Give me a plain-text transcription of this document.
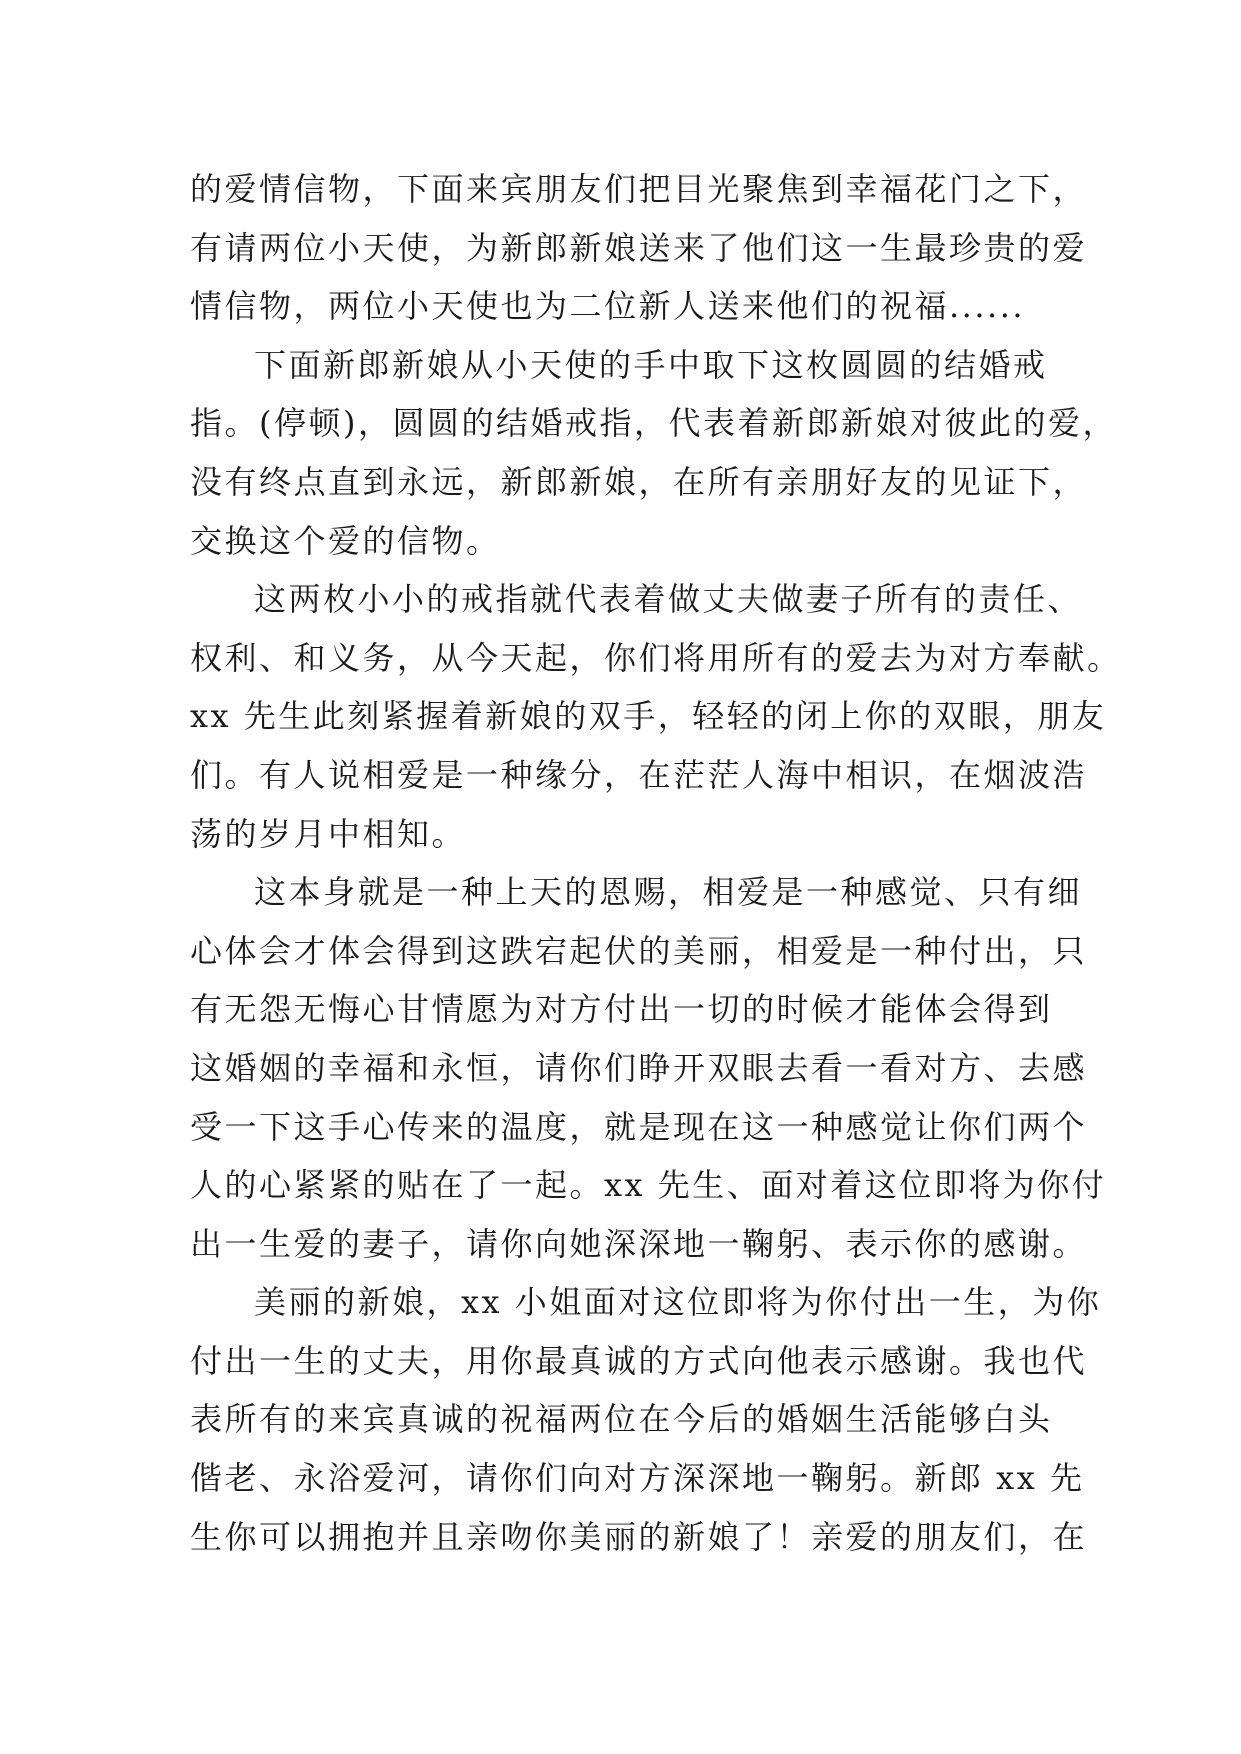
的爱情信物，下面来宾朋友们把目光聚焦到幸福花门之下，
有请两位小天使，为新郎新娘送来了他们这一生最珍贵的爱
情信物，两位小天使也为二位新人送来他们的祝福......
下面新郎新娘从小天使的手中取下这枚圆圆的结婚戒
指。(停顿)，圆圆的结婚戒指，代表着新郎新娘对彼此的爱，
没有终点直到永远，新郎新娘，在所有亲朋好友的见证下，
交换这个爱的信物。
这两枚小小的戒指就代表着做丈夫做妻子所有的责任、
权利、和义务，从今天起，你们将用所有的爱去为对方奉献。
xx 先生此刻紧握着新娘的双手，轻轻的闭上你的双眼，朋友
们。有人说相爱是一种缘分，在茫茫人海中相识，在烟波浩
荡的岁月中相知。
这本身就是一种上天的恩赐，相爱是一种感觉、只有细
心体会才体会得到这跌宕起伏的美丽，相爱是一种付出，只
有无怨无悔心甘情愿为对方付出一切的时候才能体会得到
这婚姻的幸福和永恒，请你们睁开双眼去看一看对方、去感
受一下这手心传来的温度，就是现在这一种感觉让你们两个
人的心紧紧的贴在了一起。xx 先生、面对着这位即将为你付
出一生爱的妻子，请你向她深深地一鞠躬、表示你的感谢。
美丽的新娘，xx 小姐面对这位即将为你付出一生，为你
付出一生的丈夫，用你最真诚的方式向他表示感谢。我也代
表所有的来宾真诚的祝福两位在今后的婚姻生活能够白头
偕老、永浴爱河，请你们向对方深深地一鞠躬。新郎 xx 先
生你可以拥抱并且亲吻你美丽的新娘了！亲爱的朋友们，在
